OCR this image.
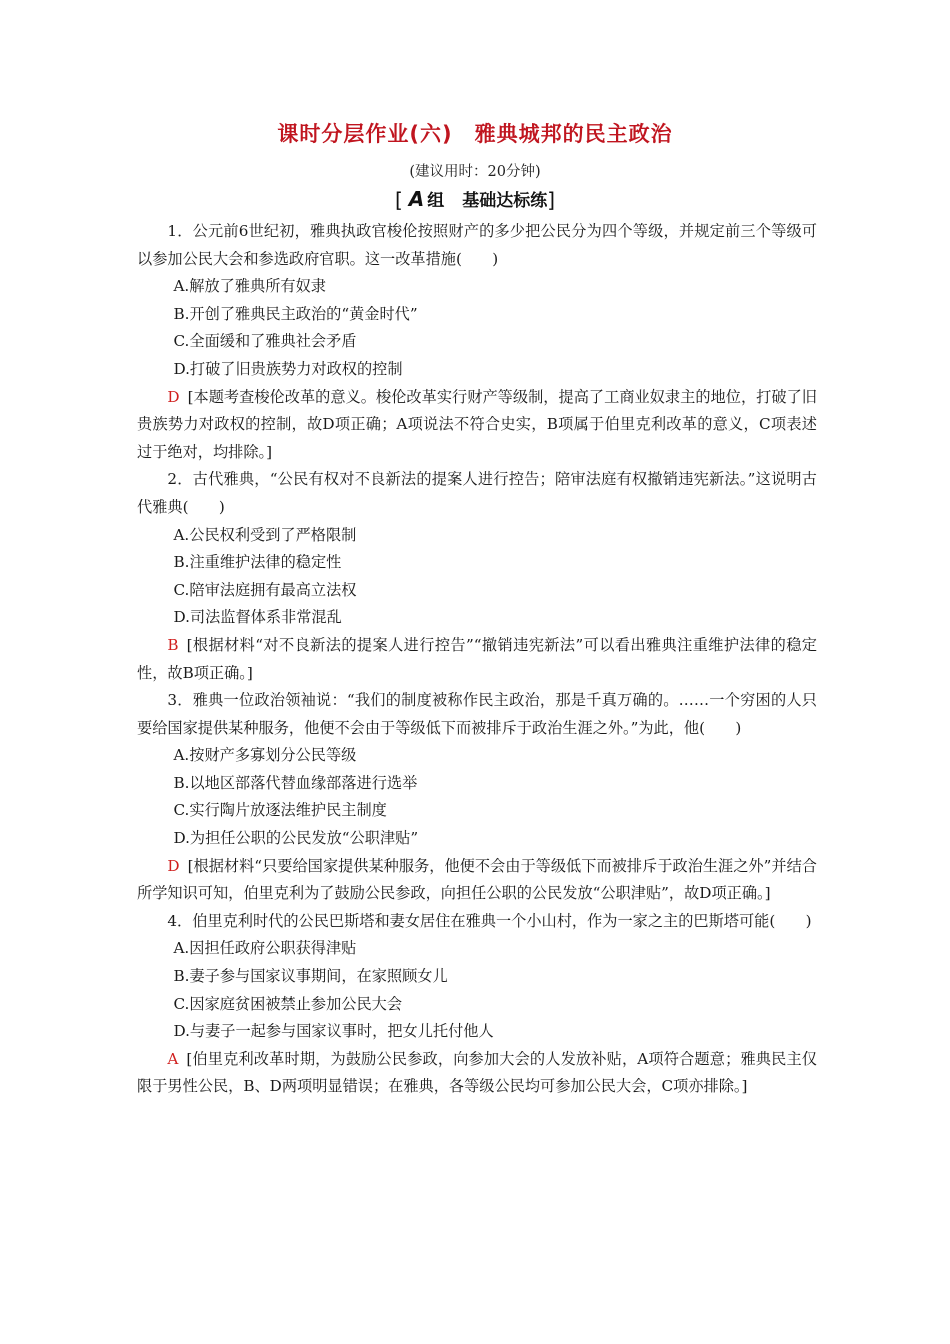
课时分层作业(六)　雅典城邦的民主政治
(建议用时：20分钟)
[ A 组 基础达标练]

1．公元前6世纪初，雅典执政官梭伦按照财产的多少把公民分为四个等级，并规定前三个等级可以参加公民大会和参选政府官职。这一改革措施(　　)

A.解放了雅典所有奴隶

B.开创了雅典民主政治的“黄金时代”

C.全面缓和了雅典社会矛盾

D.打破了旧贵族势力对政权的控制

D [本题考查梭伦改革的意义。梭伦改革实行财产等级制，提高了工商业奴隶主的地位，打破了旧贵族势力对政权的控制，故D项正确；A项说法不符合史实，B项属于伯里克利改革的意义，C项表述过于绝对，均排除。]

2．古代雅典，“公民有权对不良新法的提案人进行控告；陪审法庭有权撤销违宪新法。”这说明古代雅典(　　)

A.公民权利受到了严格限制

B.注重维护法律的稳定性

C.陪审法庭拥有最高立法权

D.司法监督体系非常混乱

B [根据材料“对不良新法的提案人进行控告”“撤销违宪新法”可以看出雅典注重维护法律的稳定性，故B项正确。]

3．雅典一位政治领袖说：“我们的制度被称作民主政治，那是千真万确的。……一个穷困的人只要给国家提供某种服务，他便不会由于等级低下而被排斥于政治生涯之外。”为此，他(　　)

A.按财产多寡划分公民等级

B.以地区部落代替血缘部落进行选举

C.实行陶片放逐法维护民主制度

D.为担任公职的公民发放“公职津贴”

D [根据材料“只要给国家提供某种服务，他便不会由于等级低下而被排斥于政治生涯之外”并结合所学知识可知，伯里克利为了鼓励公民参政，向担任公职的公民发放“公职津贴”，故D项正确。]

4．伯里克利时代的公民巴斯塔和妻女居住在雅典一个小山村，作为一家之主的巴斯塔可能(　　)

A.因担任政府公职获得津贴

B.妻子参与国家议事期间，在家照顾女儿

C.因家庭贫困被禁止参加公民大会

D.与妻子一起参与国家议事时，把女儿托付他人

A [伯里克利改革时期，为鼓励公民参政，向参加大会的人发放补贴，A项符合题意；雅典民主仅限于男性公民，B、D两项明显错误；在雅典，各等级公民均可参加公民大会，C项亦排除。]
